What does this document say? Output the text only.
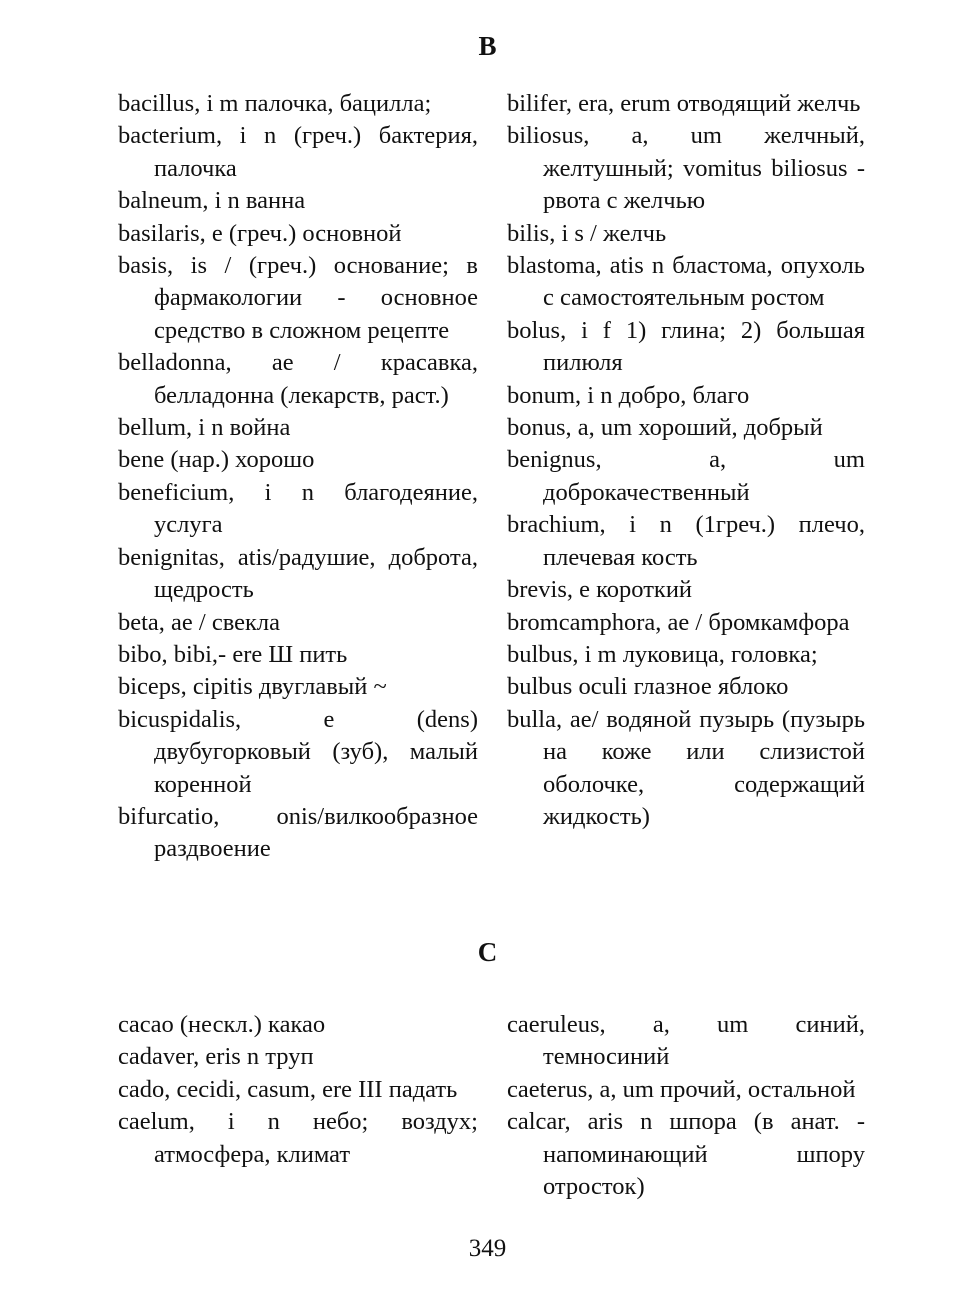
B

bacillus, i m палочка, бацилла;

bacterium, i n (греч.) бактерия, палочка

balneum, i n ванна

basilaris, e (греч.) основной

basis, is / (греч.) основание; в фармакологии - основное средство в сложном рецепте

belladonna, ae / красавка, белладонна (лекарств, раст.)

bellum, i n война

bene (нар.) хорошо

beneficium, i n благодеяние, услуга

benignitas, atis/радушие, доброта, щедрость

beta, ae / свекла

bibo, bibi,- ere Ш пить

biceps, cipitis двуглавый ~

bicuspidalis, e (dens) двубугорковый (зуб), малый коренной

bifurcatio, onis/вилкообразное раздвоение

bilifer, era, erum отводящий желчь

biliosus, a, um желчный, желтушный; vomitus biliosus - рвота с желчью

bilis, i s / желчь

blastoma, atis n бластома, опухоль с самостоятельным ростом

bolus, i f 1) глина; 2) большая пилюля

bonum, i n добро, благо

bonus, a, um хороший, добрый

benignus, a, um доброкачественный

brachium, i n (1греч.) плечо, плечевая кость

brevis, e короткий

bromcamphora, ae / бромкамфора

bulbus, i m луковица, головка;

bulbus oculi глазное яблоко

bulla, ae/ водяной пузырь (пузырь на коже или слизистой оболочке, содержащий жидкость)

C

cacao (нескл.) какао

cadaver, eris n труп

cado, cecidi, casum, ere III падать

caelum, i n небо; воздух; атмосфера, климат

caeruleus, a, um синий, темносиний

caeterus, a, um прочий, остальной

calcar, aris n шпора (в анат. - напоминающий шпору отросток)

349
